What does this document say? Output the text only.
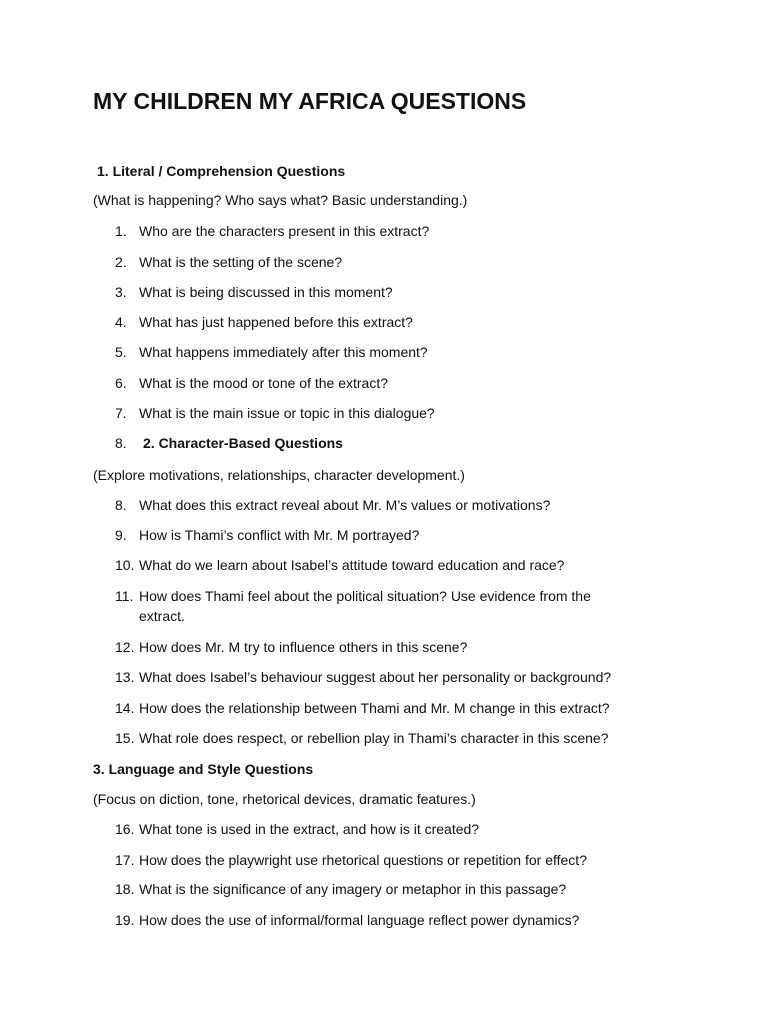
MY CHILDREN MY AFRICA QUESTIONS

1. Literal / Comprehension Questions

(What is happening? Who says what? Basic understanding.)

1. Who are the characters present in this extract?
2. What is the setting of the scene?
3. What is being discussed in this moment?
4. What has just happened before this extract?
5. What happens immediately after this moment?
6. What is the mood or tone of the extract?
7. What is the main issue or topic in this dialogue?
8.	2. Character-Based Questions

(Explore motivations, relationships, character development.)

8. What does this extract reveal about Mr. M’s values or motivations?
9. How is Thami’s conflict with Mr. M portrayed?
10. What do we learn about Isabel’s attitude toward education and race?
11. How does Thami feel about the political situation? Use evidence from the extract.
12. How does Mr. M try to influence others in this scene?
13. What does Isabel’s behaviour suggest about her personality or background?
14. How does the relationship between Thami and Mr. M change in this extract?
15. What role does respect, or rebellion play in Thami’s character in this scene?

3. Language and Style Questions

(Focus on diction, tone, rhetorical devices, dramatic features.)

16. What tone is used in the extract, and how is it created?
17. How does the playwright use rhetorical questions or repetition for effect?
18. What is the significance of any imagery or metaphor in this passage?
19. How does the use of informal/formal language reflect power dynamics?
